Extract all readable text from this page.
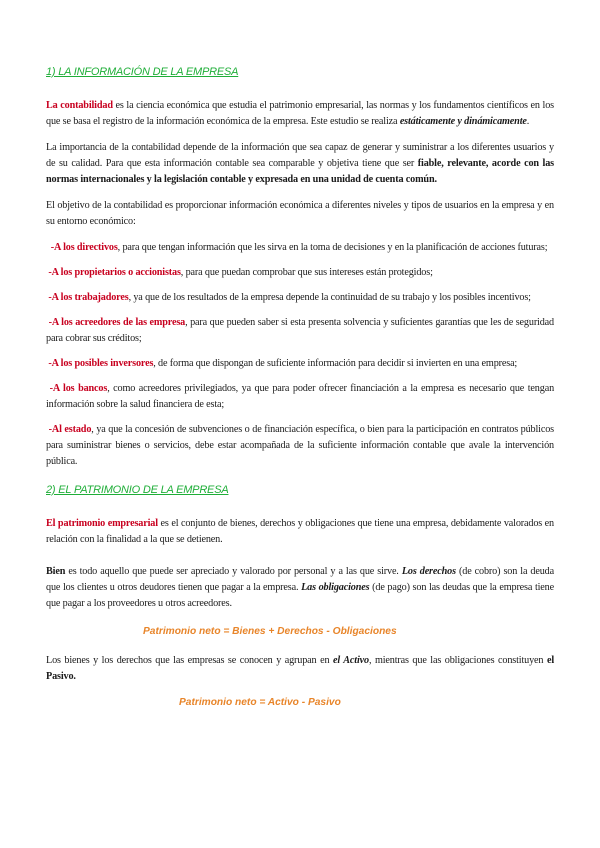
1) LA INFORMACIÓN DE LA EMPRESA

La contabilidad es la ciencia económica que estudia el patrimonio empresarial, las normas y los fundamentos científicos en los que se basa el registro de la información económica de la empresa. Este estudio se realiza estáticamente y dinámicamente.

La importancia de la contabilidad depende de la información que sea capaz de generar y suministrar a los diferentes usuarios y de su calidad. Para que esta información contable sea comparable y objetiva tiene que ser fiable, relevante, acorde con las normas internacionales y la legislación contable y expresada en una unidad de cuenta común.

El objetivo de la contabilidad es proporcionar información económica a diferentes niveles y tipos de usuarios en la empresa y en su entorno económico:

-A los directivos, para que tengan información que les sirva en la toma de decisiones y en la planificación de acciones futuras;

-A los propietarios o accionistas, para que puedan comprobar que sus intereses están protegidos;

-A los trabajadores, ya que de los resultados de la empresa depende la continuidad de su trabajo y los posibles incentivos;

-A los acreedores de las empresa, para que pueden saber si esta presenta solvencia y suficientes garantías que les de seguridad para cobrar sus créditos;

-A los posibles inversores, de forma que dispongan de suficiente información para decidir si invierten en una empresa;

-A los bancos, como acreedores privilegiados, ya que para poder ofrecer financiación a la empresa es necesario que tengan información sobre la salud financiera de esta;

-Al estado, ya que la concesión de subvenciones o de financiación específica, o bien para la participación en contratos públicos para suministrar bienes o servicios, debe estar acompañada de la suficiente información contable que avale la intervención pública.

2) EL PATRIMONIO DE LA EMPRESA

El patrimonio empresarial es el conjunto de bienes, derechos y obligaciones que tiene una empresa, debidamente valorados en relación con la finalidad a la que se detienen.

Bien es todo aquello que puede ser apreciado y valorado por personal y a las que sirve. Los derechos (de cobro) son la deuda que los clientes u otros deudores tienen que pagar a la empresa. Las obligaciones (de pago) son las deudas que la empresa tiene que pagar a los proveedores u otros acreedores.

Patrimonio neto = Bienes + Derechos - Obligaciones

Los bienes y los derechos que las empresas se conocen y agrupan en el Activo, mientras que las obligaciones constituyen el Pasivo.

Patrimonio neto = Activo - Pasivo
